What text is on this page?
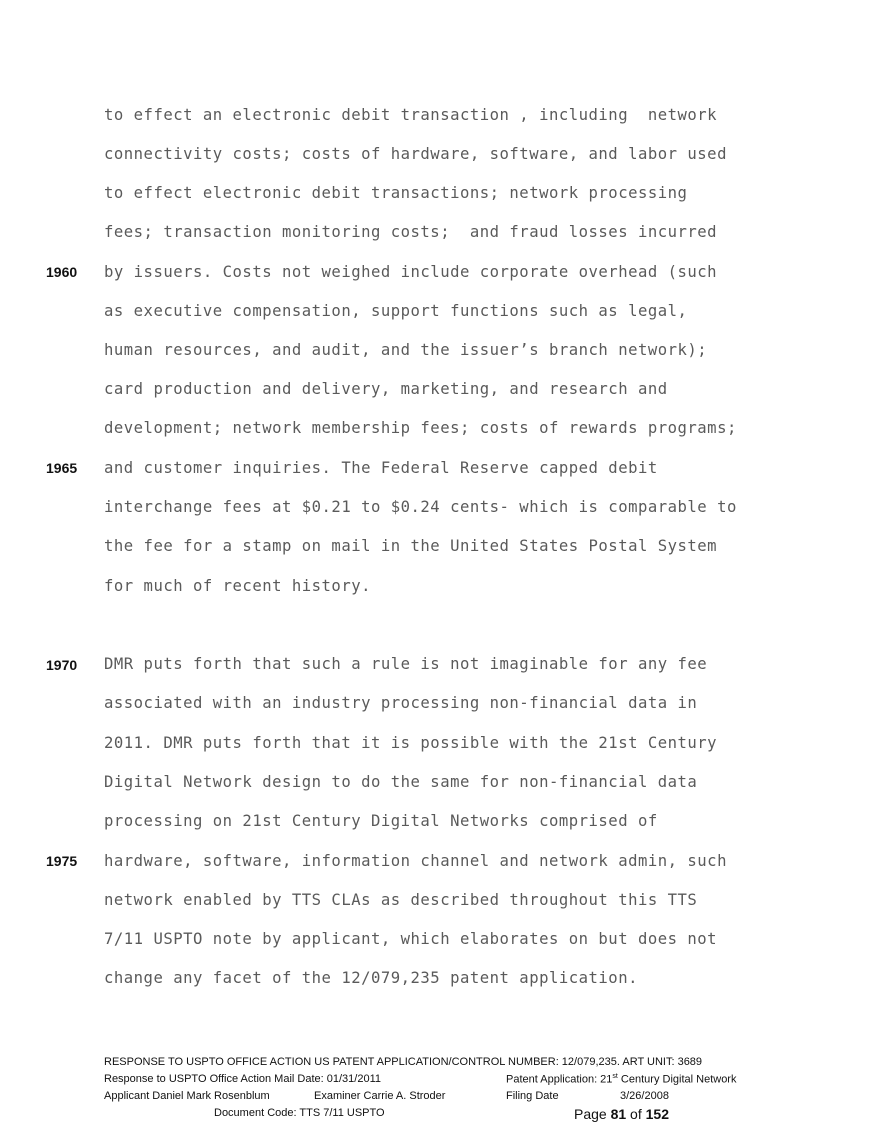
to effect an electronic debit transaction , including  network
connectivity costs; costs of hardware, software, and labor used
to effect electronic debit transactions; network processing
fees; transaction monitoring costs;  and fraud losses incurred
1960	by issuers. Costs not weighed include corporate overhead (such
as executive compensation, support functions such as legal,
human resources, and audit, and the issuer’s branch network);
card production and delivery, marketing, and research and
development; network membership fees; costs of rewards programs;
1965	and customer inquiries. The Federal Reserve capped debit
interchange fees at $0.21 to $0.24 cents- which is comparable to
the fee for a stamp on mail in the United States Postal System
for much of recent history.
1970	DMR puts forth that such a rule is not imaginable for any fee
associated with an industry processing non-financial data in
2011. DMR puts forth that it is possible with the 21st Century
Digital Network design to do the same for non-financial data
processing on 21st Century Digital Networks comprised of
1975	hardware, software, information channel and network admin, such
network enabled by TTS CLAs as described throughout this TTS
7/11 USPTO note by applicant, which elaborates on but does not
change any facet of the 12/079,235 patent application.
RESPONSE TO USPTO OFFICE ACTION US PATENT APPLICATION/CONTROL NUMBER: 12/079,235. ART UNIT: 3689
Response to USPTO Office Action Mail Date: 01/31/2011	Patent Application: 21st Century Digital Network
Applicant Daniel Mark Rosenblum	Examiner Carrie A. Stroder	Filing Date	3/26/2008
Document Code: TTS 7/11 USPTO	Page 81 of 152
